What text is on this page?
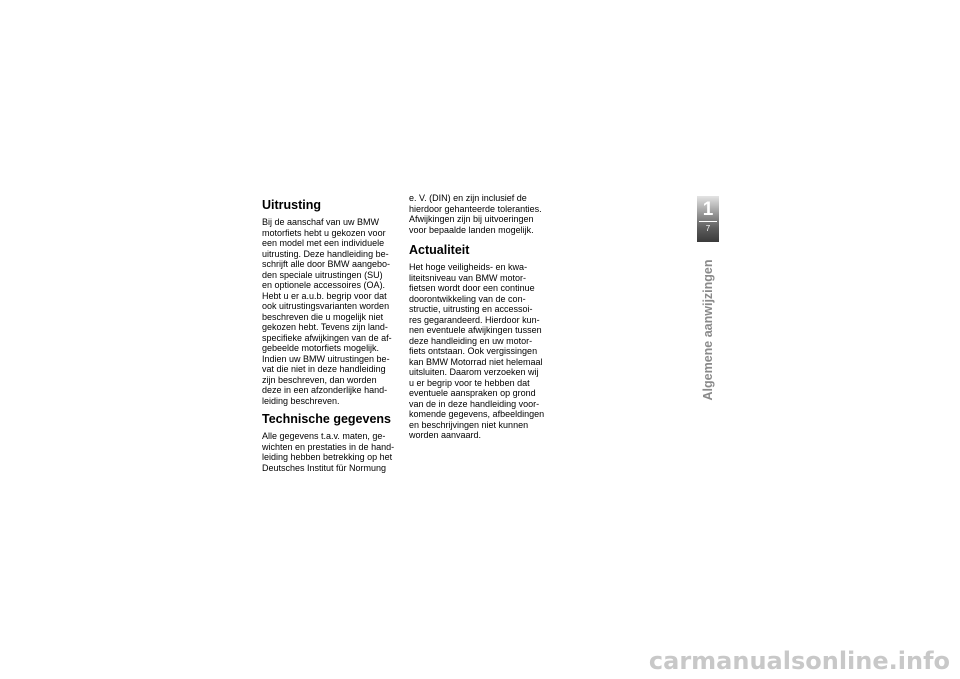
Uitrusting
Bij de aanschaf van uw BMW
motorfiets hebt u gekozen voor
een model met een individuele
uitrusting. Deze handleiding be-
schrijft alle door BMW aangebo-
den speciale uitrustingen (SU)
en optionele accessoires (OA).
Hebt u er a.u.b. begrip voor dat
ook uitrustingsvarianten worden
beschreven die u mogelijk niet
gekozen hebt. Tevens zijn land-
specifieke afwijkingen van de af-
gebeelde motorfiets mogelijk.
Indien uw BMW uitrustingen be-
vat die niet in deze handleiding
zijn beschreven, dan worden
deze in een afzonderlijke hand-
leiding beschreven.
Technische gegevens
Alle gegevens t.a.v. maten, ge-
wichten en prestaties in de hand-
leiding hebben betrekking op het
Deutsches Institut für Normung
e. V. (DIN) en zijn inclusief de
hierdoor gehanteerde toleranties.
Afwijkingen zijn bij uitvoeringen
voor bepaalde landen mogelijk.
Actualiteit
Het hoge veiligheids- en kwa-
liteitsniveau van BMW motor-
fietsen wordt door een continue
doorontwikkeling van de con-
structie, uitrusting en accessoi-
res gegarandeerd. Hierdoor kun-
nen eventuele afwijkingen tussen
deze handleiding en uw motor-
fiets ontstaan. Ook vergissingen
kan BMW Motorrad niet helemaal
uitsluiten. Daarom verzoeken wij
u er begrip voor te hebben dat
eventuele aanspraken op grond
van de in deze handleiding voor-
komende gegevens, afbeeldingen
en beschrijvingen niet kunnen
worden aanvaard.
1
7
Algemene aanwijzingen
carmanualsonline.info
